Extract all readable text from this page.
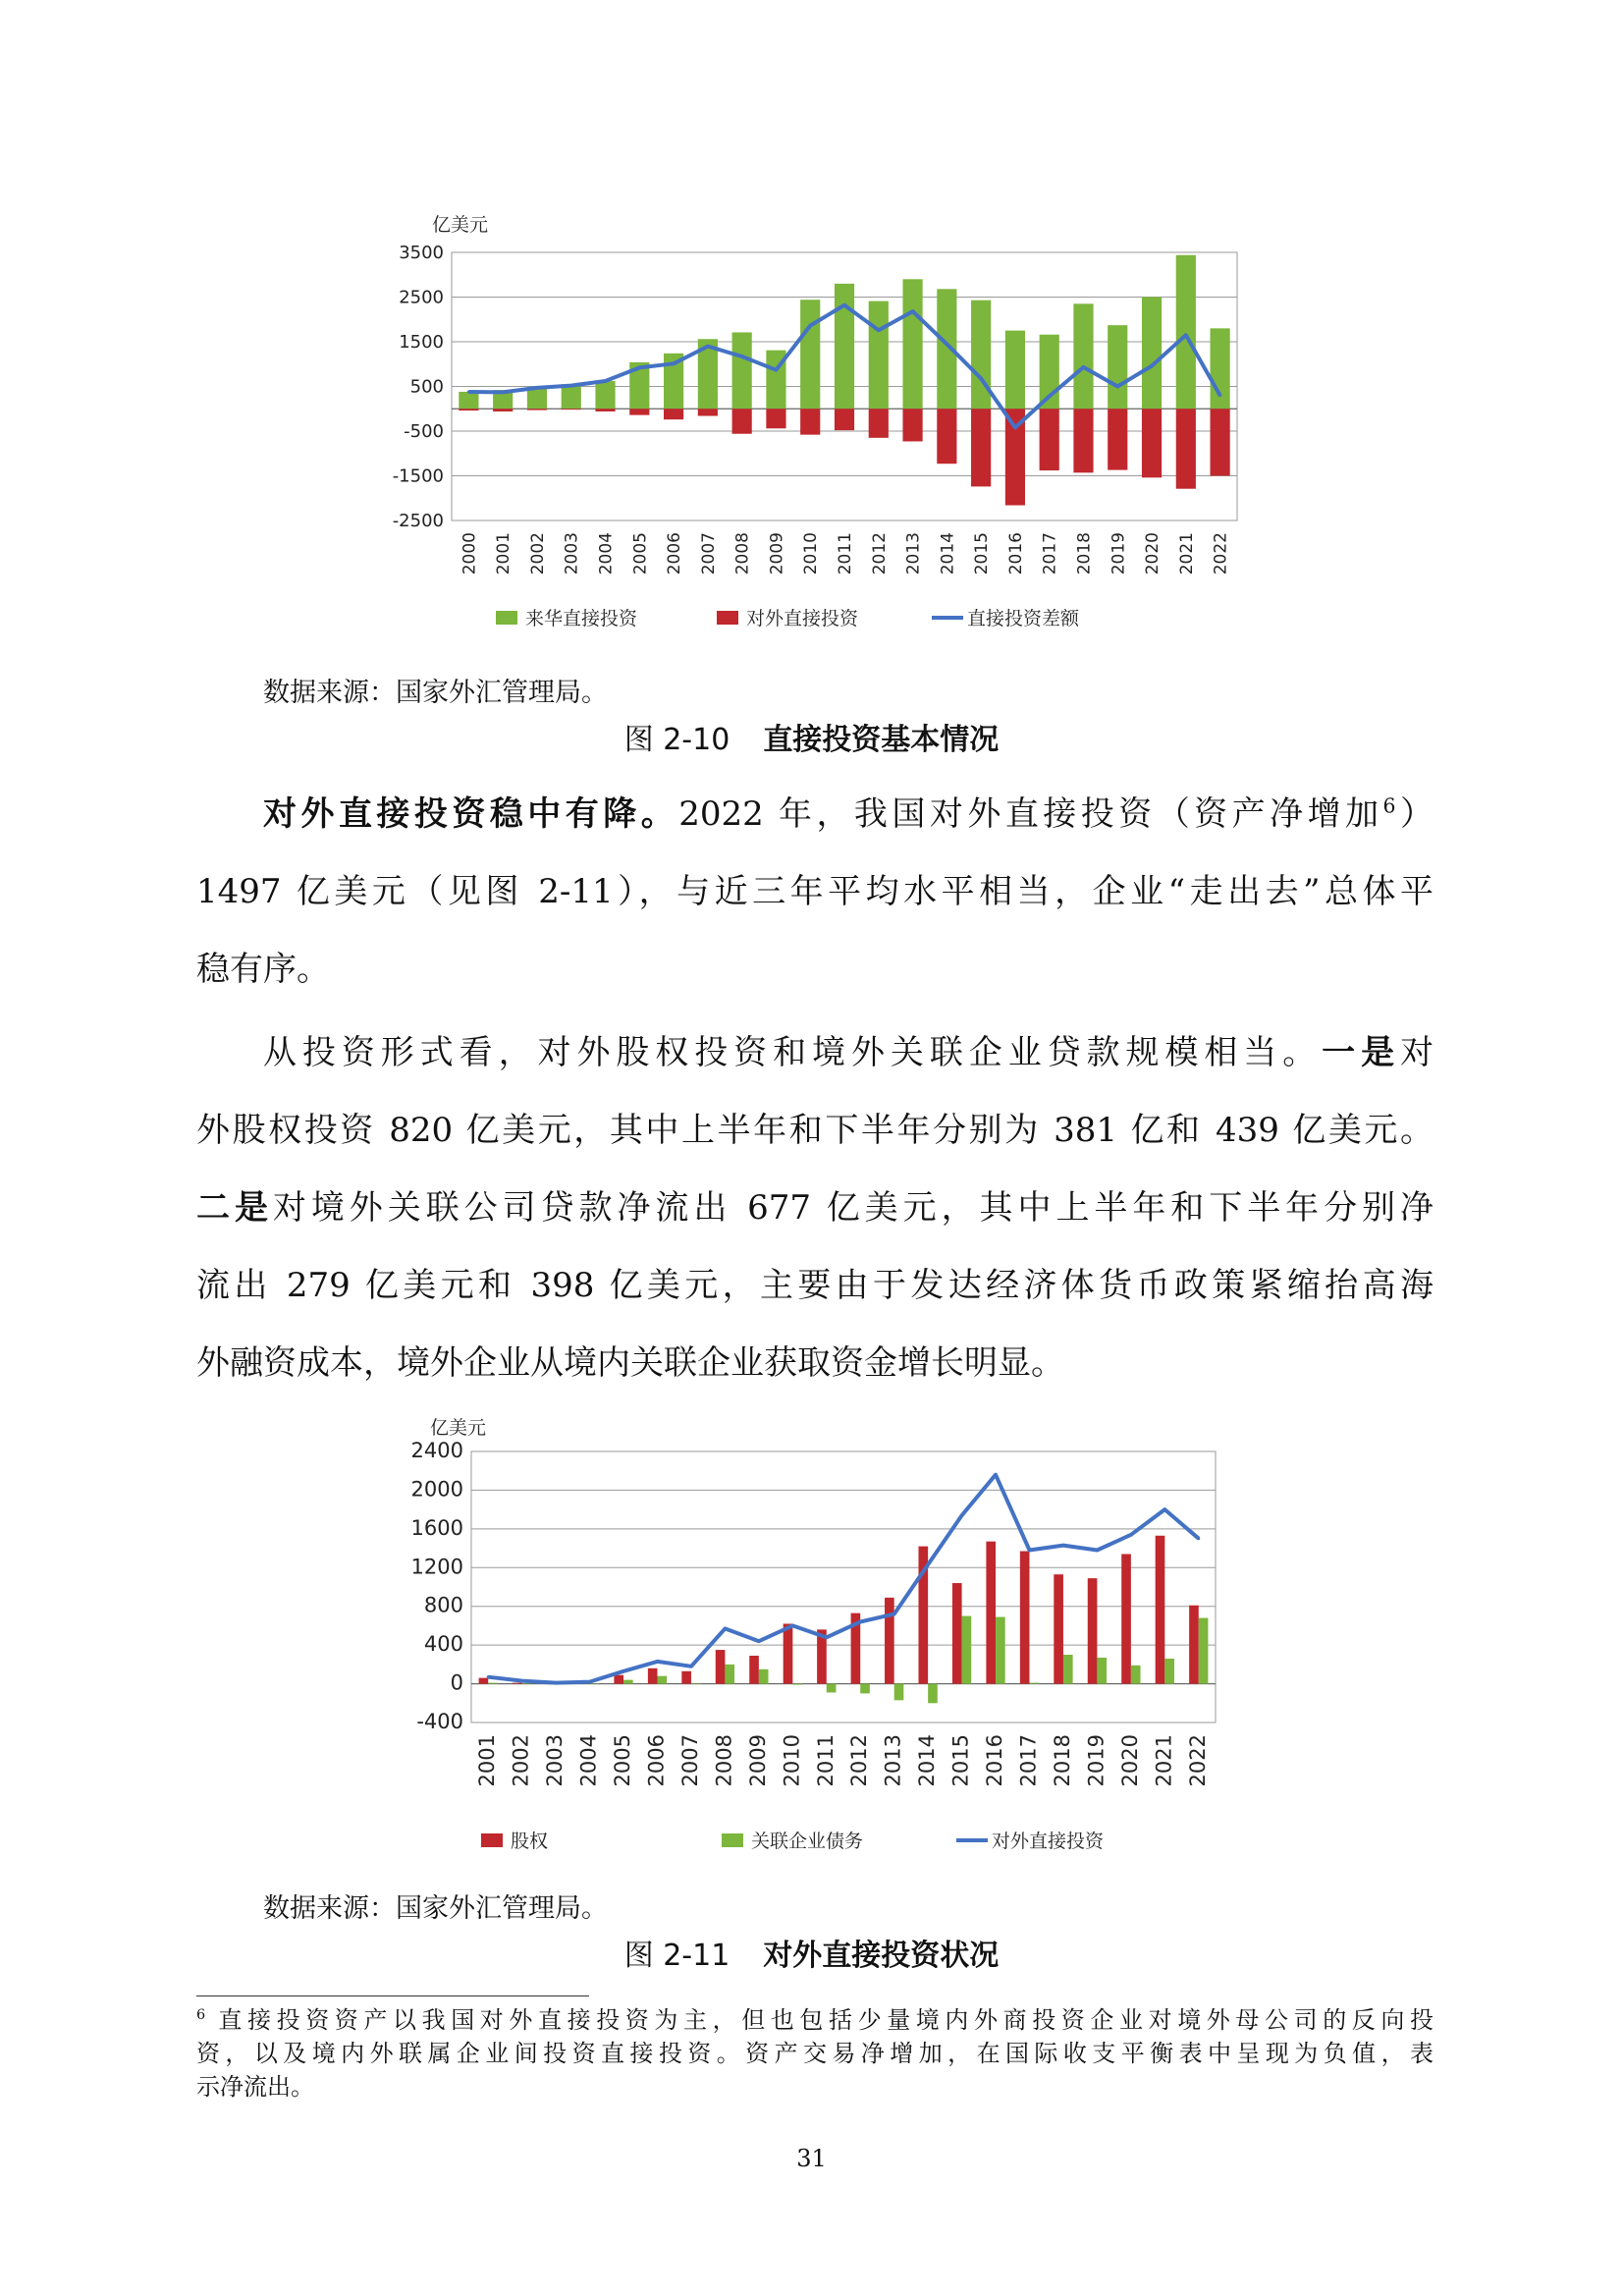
亿美元
3500
2500
1500
500
-500
-1500
-2500
2000 2001 2002 2003 2004 2005 2006 2007 2008 2009 2010 2011 2012 2013 2014 2015 2016 2017 2018 2019 2020 2021 2022
来华直接投资	对外直接投资	直接投资差额
数据来源：国家外汇管理局。
图 2-10 直接投资基本情况
对外直接投资稳中有降。2022 年，我国对外直接投资（资产净增加$^6$）
1497 亿美元（见图 2-11），与近三年平均水平相当，企业“走出去”总体平
稳有序。
从投资形式看，对外股权投资和境外关联企业贷款规模相当。一是对
外股权投资 820 亿美元，其中上半年和下半年分别为 381 亿和 439 亿美元。
二是对境外关联公司贷款净流出 677 亿美元，其中上半年和下半年分别净
流出 279 亿美元和 398 亿美元，主要由于发达经济体货币政策紧缩抬高海
外融资成本，境外企业从境内关联企业获取资金增长明显。
亿美元
2400
2000
1600
1200
800
400
0
-400
2001 2002 2003 2004 2005 2006 2007 2008 2009 2010 2011 2012 2013 2014 2015 2016 2017 2018 2019 2020 2021 2022
股权	关联企业债务	对外直接投资
数据来源：国家外汇管理局。
图 2-11 对外直接投资状况
$^6$ 直接投资资产以我国对外直接投资为主，但也包括少量境内外商投资企业对境外母公司的反向投
资，以及境内外联属企业间投资直接投资。资产交易净增加，在国际收支平衡表中呈现为负值，表
示净流出。
31
